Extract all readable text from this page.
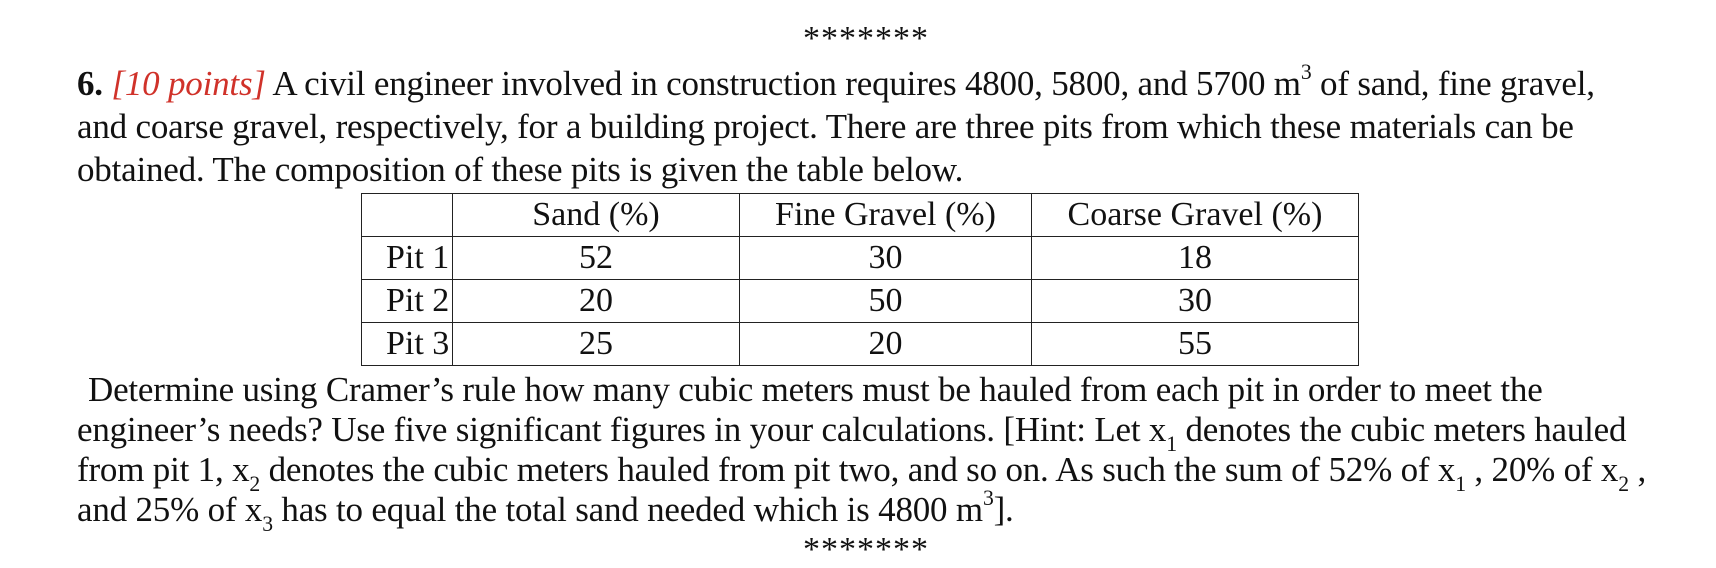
*******
6. [10 points] A civil engineer involved in construction requires 4800, 5800, and 5700 $m^3$ of sand, fine gravel, and coarse gravel, respectively, for a building project. There are three pits from which these materials can be obtained. The composition of these pits is given the table below.
	Sand (%)	Fine Gravel (%)	Coarse Gravel (%)
Pit 1	52	30	18
Pit 2	20	50	30
Pit 3	25	20	55
Determine using Cramer’s rule how many cubic meters must be hauled from each pit in order to meet the engineer’s needs? Use five significant figures in your calculations. [Hint: Let $x_1$ denotes the cubic meters hauled from pit 1, $x_2$ denotes the cubic meters hauled from pit two, and so on. As such the sum of 52% of $x_1$ , 20% of $x_2$ , and 25% of $x_3$ has to equal the total sand needed which is 4800 $m^3$].
*******
